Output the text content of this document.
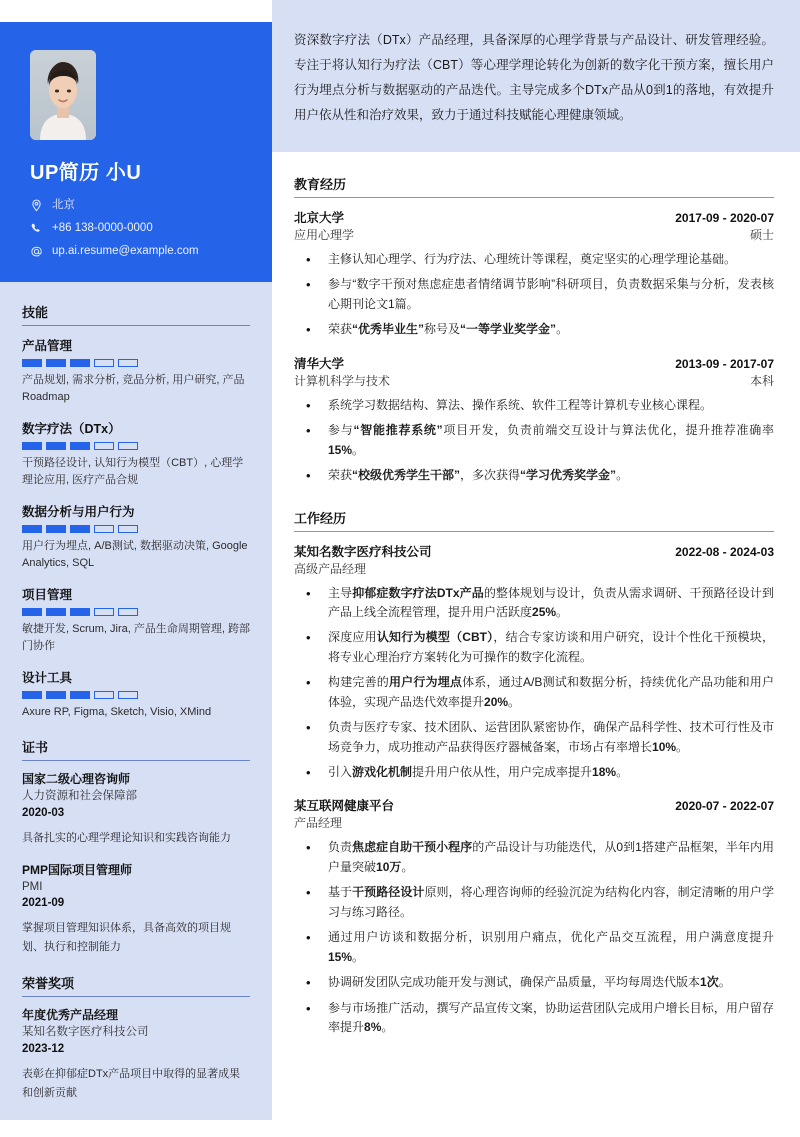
UP简历 小U
北京
+86 138-0000-0000
up.ai.resume@example.com
技能
产品管理
产品规划, 需求分析, 竞品分析, 用户研究, 产品Roadmap
数字疗法（DTx）
干预路径设计, 认知行为模型（CBT）, 心理学理论应用, 医疗产品合规
数据分析与用户行为
用户行为埋点, A/B测试, 数据驱动决策, Google Analytics, SQL
项目管理
敏捷开发, Scrum, Jira, 产品生命周期管理, 跨部门协作
设计工具
Axure RP, Figma, Sketch, Visio, XMind
证书
国家二级心理咨询师
人力资源和社会保障部
2020-03
具备扎实的心理学理论知识和实践咨询能力
PMP国际项目管理师
PMI
2021-09
掌握项目管理知识体系，具备高效的项目规划、执行和控制能力
荣誉奖项
年度优秀产品经理
某知名数字医疗科技公司
2023-12
表彰在抑郁症DTx产品项目中取得的显著成果和创新贡献
资深数字疗法（DTx）产品经理，具备深厚的心理学背景与产品设计、研发管理经验。专注于将认知行为疗法（CBT）等心理学理论转化为创新的数字化干预方案，擅长用户行为埋点分析与数据驱动的产品迭代。主导完成多个DTx产品从0到1的落地，有效提升用户依从性和治疗效果，致力于通过科技赋能心理健康领域。
教育经历
北京大学	2017-09 - 2020-07
应用心理学	硕士
• 主修认知心理学、行为疗法、心理统计等课程，奠定坚实的心理学理论基础。
• 参与“数字干预对焦虑症患者情绪调节影响”科研项目，负责数据采集与分析，发表核心期刊论文1篇。
• 荣获“优秀毕业生”称号及“一等学业奖学金”。
清华大学	2013-09 - 2017-07
计算机科学与技术	本科
• 系统学习数据结构、算法、操作系统、软件工程等计算机专业核心课程。
• 参与“智能推荐系统”项目开发，负责前端交互设计与算法优化，提升推荐准确率15%。
• 荣获“校级优秀学生干部”，多次获得“学习优秀奖学金”。
工作经历
某知名数字医疗科技公司	2022-08 - 2024-03
高级产品经理
• 主导抑郁症数字疗法DTx产品的整体规划与设计，负责从需求调研、干预路径设计到产品上线全流程管理，提升用户活跃度25%。
• 深度应用认知行为模型（CBT），结合专家访谈和用户研究，设计个性化干预模块，将专业心理治疗方案转化为可操作的数字化流程。
• 构建完善的用户行为埋点体系，通过A/B测试和数据分析，持续优化产品功能和用户体验，实现产品迭代效率提升20%。
• 负责与医疗专家、技术团队、运营团队紧密协作，确保产品科学性、技术可行性及市场竞争力，成功推动产品获得医疗器械备案，市场占有率增长10%。
• 引入游戏化机制提升用户依从性，用户完成率提升18%。
某互联网健康平台	2020-07 - 2022-07
产品经理
• 负责焦虑症自助干预小程序的产品设计与功能迭代，从0到1搭建产品框架，半年内用户量突破10万。
• 基于干预路径设计原则，将心理咨询师的经验沉淀为结构化内容，制定清晰的用户学习与练习路径。
• 通过用户访谈和数据分析，识别用户痛点，优化产品交互流程，用户满意度提升15%。
• 协调研发团队完成功能开发与测试，确保产品质量，平均每周迭代版本1次。
• 参与市场推广活动，撰写产品宣传文案，协助运营团队完成用户增长目标，用户留存率提升8%。
